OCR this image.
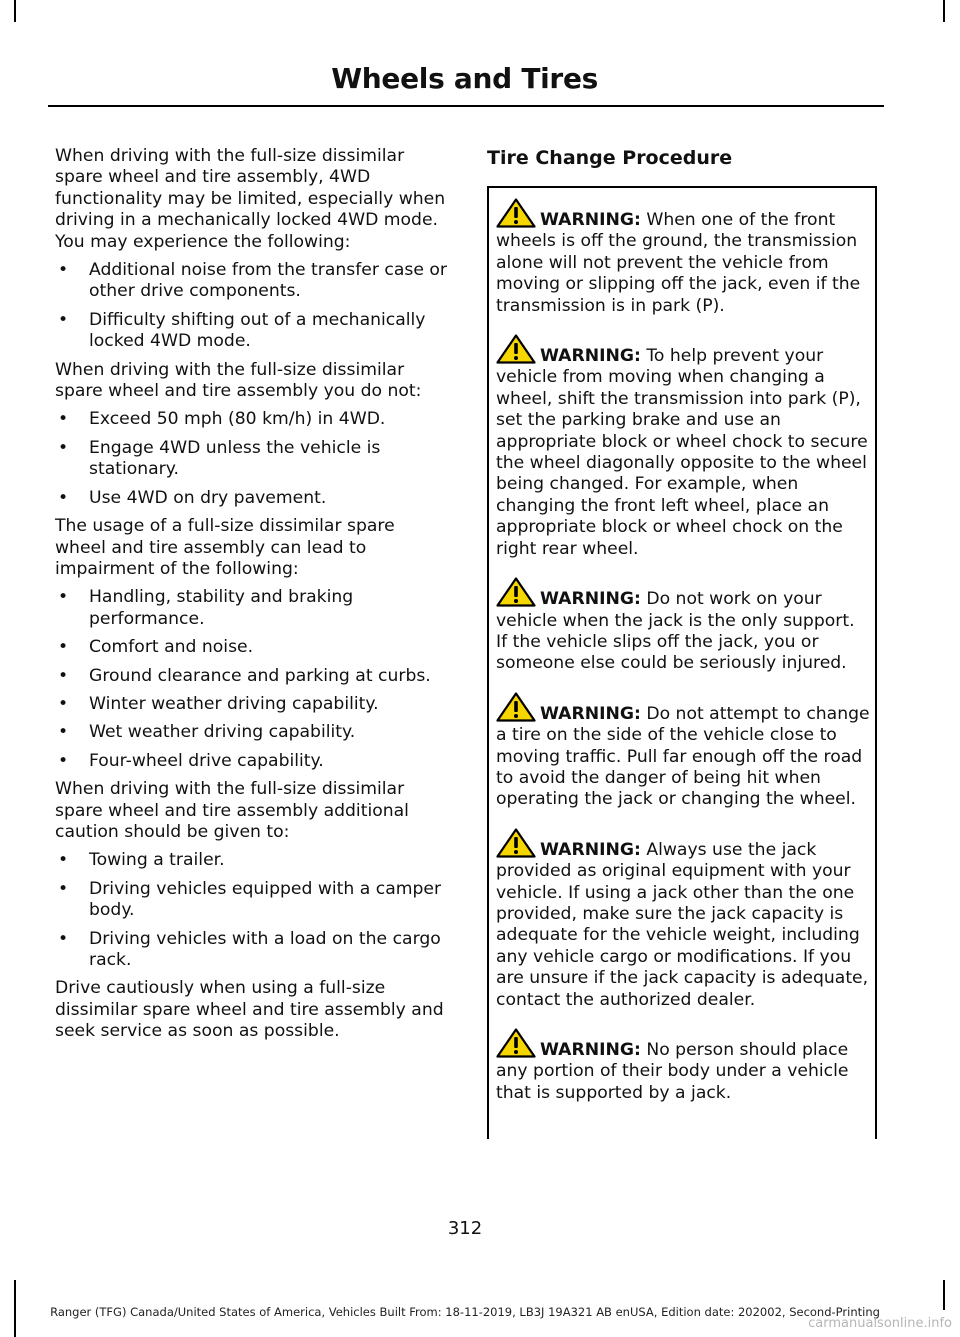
Wheels and Tires

When driving with the full-size dissimilar spare wheel and tire assembly, 4WD functionality may be limited, especially when driving in a mechanically locked 4WD mode. You may experience the following:

• Additional noise from the transfer case or other drive components.
• Difficulty shifting out of a mechanically locked 4WD mode.

When driving with the full-size dissimilar spare wheel and tire assembly you do not:

• Exceed 50 mph (80 km/h) in 4WD.
• Engage 4WD unless the vehicle is stationary.
• Use 4WD on dry pavement.

The usage of a full-size dissimilar spare wheel and tire assembly can lead to impairment of the following:

• Handling, stability and braking performance.
• Comfort and noise.
• Ground clearance and parking at curbs.
• Winter weather driving capability.
• Wet weather driving capability.
• Four-wheel drive capability.

When driving with the full-size dissimilar spare wheel and tire assembly additional caution should be given to:

• Towing a trailer.
• Driving vehicles equipped with a camper body.
• Driving vehicles with a load on the cargo rack.

Drive cautiously when using a full-size dissimilar spare wheel and tire assembly and seek service as soon as possible.

Tire Change Procedure

WARNING: When one of the front wheels is off the ground, the transmission alone will not prevent the vehicle from moving or slipping off the jack, even if the transmission is in park (P).

WARNING: To help prevent your vehicle from moving when changing a wheel, shift the transmission into park (P), set the parking brake and use an appropriate block or wheel chock to secure the wheel diagonally opposite to the wheel being changed. For example, when changing the front left wheel, place an appropriate block or wheel chock on the right rear wheel.

WARNING: Do not work on your vehicle when the jack is the only support. If the vehicle slips off the jack, you or someone else could be seriously injured.

WARNING: Do not attempt to change a tire on the side of the vehicle close to moving traffic. Pull far enough off the road to avoid the danger of being hit when operating the jack or changing the wheel.

WARNING: Always use the jack provided as original equipment with your vehicle. If using a jack other than the one provided, make sure the jack capacity is adequate for the vehicle weight, including any vehicle cargo or modifications. If you are unsure if the jack capacity is adequate, contact the authorized dealer.

WARNING: No person should place any portion of their body under a vehicle that is supported by a jack.

312
Ranger (TFG) Canada/United States of America, Vehicles Built From: 18-11-2019, LB3J 19A321 AB enUSA, Edition date: 202002, Second-Printing
carmanualsonline.info
